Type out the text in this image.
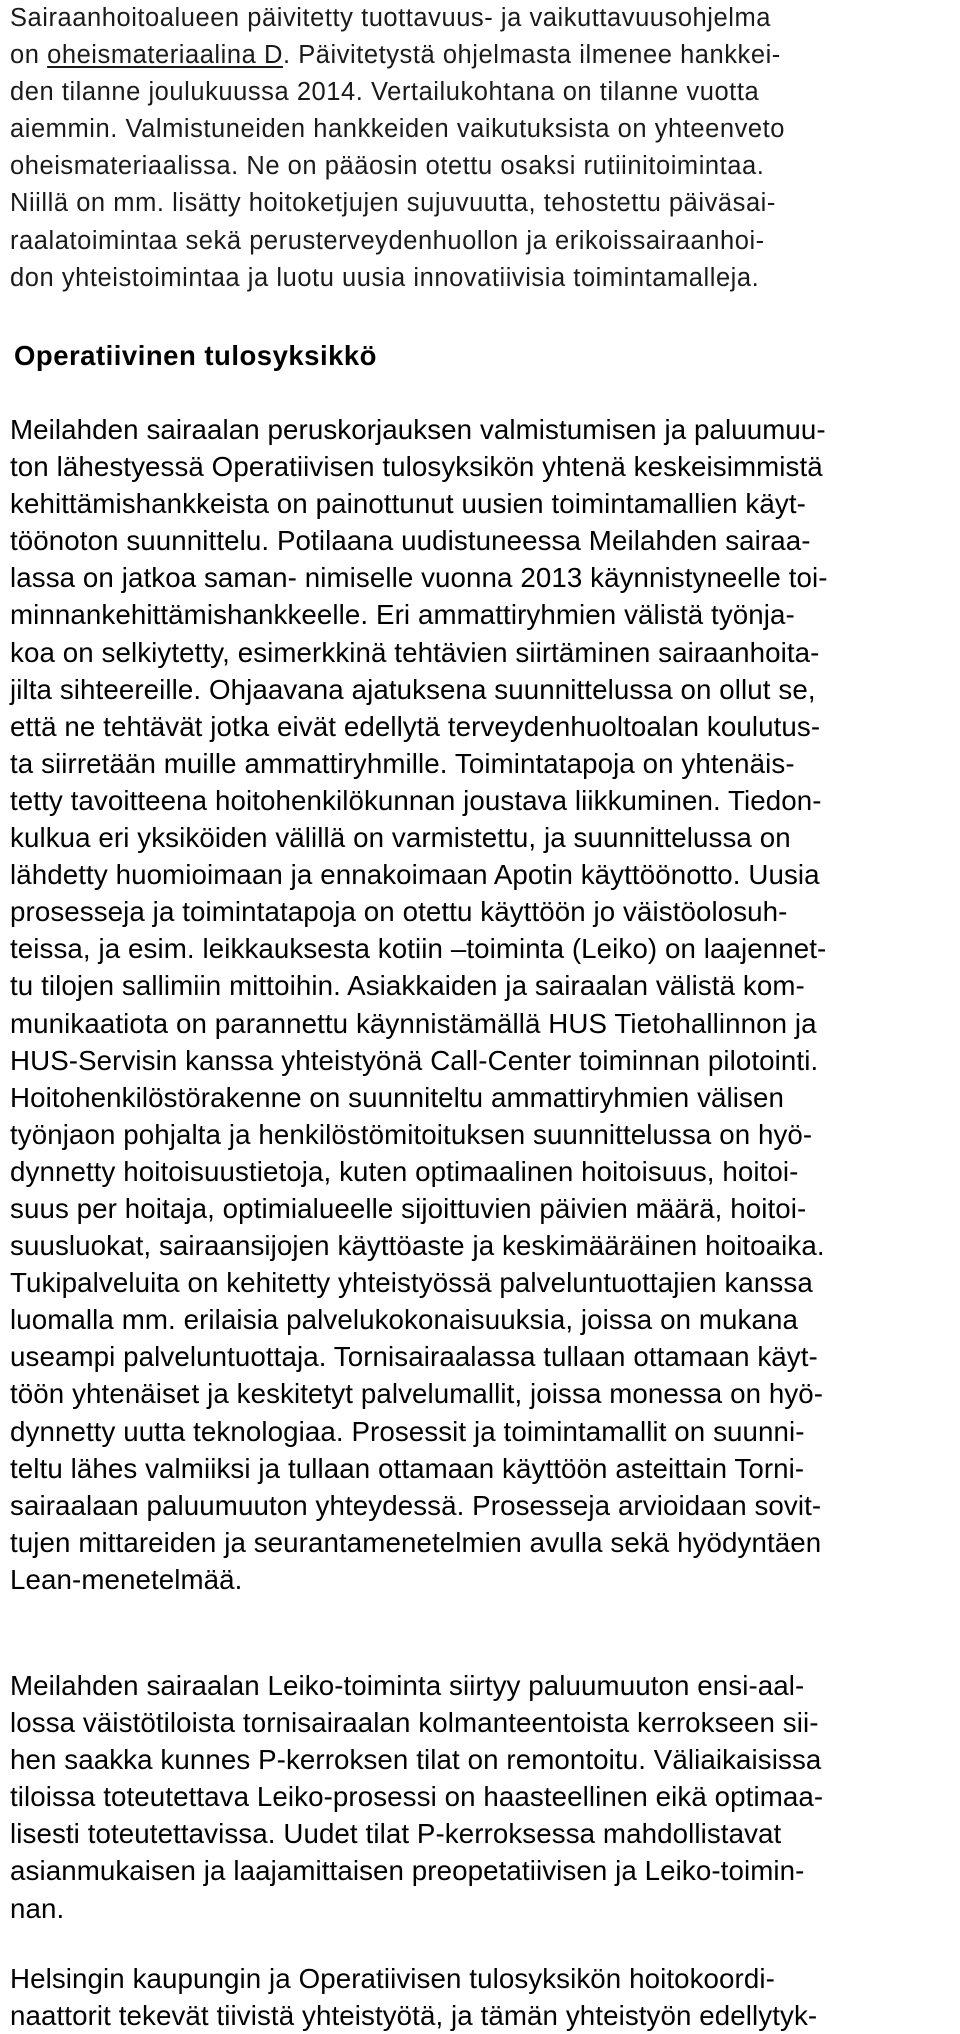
Sairaanhoitoalueen päivitetty tuottavuus- ja vaikuttavuusohjelma
on oheismateriaalina D. Päivitetystä ohjelmasta ilmenee hankkei-
den tilanne joulukuussa 2014. Vertailukohtana on tilanne vuotta
aiemmin. Valmistuneiden hankkeiden vaikutuksista on yhteenveto
oheismateriaalissa. Ne on pääosin otettu osaksi rutiinitoimintaa.
Niillä on mm. lisätty hoitoketjujen sujuvuutta, tehostettu päiväsai-
raalatoimintaa sekä perusterveydenhuollon ja erikoissairaanhoi-
don yhteistoimintaa ja luotu uusia innovatiivisia toimintamalleja.
Operatiivinen tulosyksikkö
Meilahden sairaalan peruskorjauksen valmistumisen ja paluumuu-
ton lähestyessä Operatiivisen tulosyksikön yhtenä keskeisimmistä
kehittämishankkeista on painottunut uusien toimintamallien käyt-
töönoton suunnittelu. Potilaana uudistuneessa Meilahden sairaa-
lassa on jatkoa saman- nimiselle vuonna 2013 käynnistyneelle toi-
minnankehittämishankkeelle. Eri ammattiryhmien välistä työnja-
koa on selkiytetty, esimerkkinä tehtävien siirtäminen sairaanhoita-
jilta sihteereille. Ohjaavana ajatuksena suunnittelussa on ollut se,
että ne tehtävät jotka eivät edellytä terveydenhuoltoalan koulutus-
ta siirretään muille ammattiryhmille. Toimintatapoja on yhtenäis-
tetty tavoitteena hoitohenkilökunnan joustava liikkuminen. Tiedon-
kulkua eri yksiköiden välillä on varmistettu, ja suunnittelussa on
lähdetty huomioimaan ja ennakoimaan Apotin käyttöönotto. Uusia
prosesseja ja toimintatapoja on otettu käyttöön jo väistöolosuh-
teissa, ja esim. leikkauksesta kotiin –toiminta (Leiko) on laajennet-
tu tilojen sallimiin mittoihin. Asiakkaiden ja sairaalan välistä kom-
munikaatiota on parannettu käynnistämällä HUS Tietohallinnon ja
HUS-Servisin kanssa yhteistyönä Call-Center toiminnan pilotointi.
Hoitohenkilöstörakenne on suunniteltu ammattiryhmien välisen
työnjaon pohjalta ja henkilöstömitoituksen suunnittelussa on hyö-
dynnetty hoitoisuustietoja, kuten optimaalinen hoitoisuus, hoitoi-
suus per hoitaja, optimialueelle sijoittuvien päivien määrä, hoitoi-
suusluokat, sairaansijojen käyttöaste ja keskimääräinen hoitoaika.
Tukipalveluita on kehitetty yhteistyössä palveluntuottajien kanssa
luomalla mm. erilaisia palvelukokonaisuuksia, joissa on mukana
useampi palveluntuottaja. Tornisairaalassa tullaan ottamaan käyt-
töön yhtenäiset ja keskitetyt palvelumallit, joissa monessa on hyö-
dynnetty uutta teknologiaa. Prosessit ja toimintamallit on suunni-
teltu lähes valmiiksi ja tullaan ottamaan käyttöön asteittain Torni-
sairaalaan paluumuuton yhteydessä. Prosesseja arvioidaan sovit-
tujen mittareiden ja seurantamenetelmien avulla sekä hyödyntäen
Lean-menetelmää.
Meilahden sairaalan Leiko-toiminta siirtyy paluumuuton ensi-aal-
lossa väistötiloista tornisairaalan kolmanteentoista kerrokseen sii-
hen saakka kunnes P-kerroksen tilat on remontoitu. Väliaikaisissa
tiloissa toteutettava Leiko-prosessi on haasteellinen eikä optimaa-
lisesti toteutettavissa. Uudet tilat P-kerroksessa mahdollistavat
asianmukaisen ja laajamittaisen preopetatiivisen ja Leiko-toimin-
nan.
Helsingin kaupungin ja Operatiivisen tulosyksikön hoitokoordi-
naattorit tekevät tiivistä yhteistyötä, ja tämän yhteistyön edellytyk-
